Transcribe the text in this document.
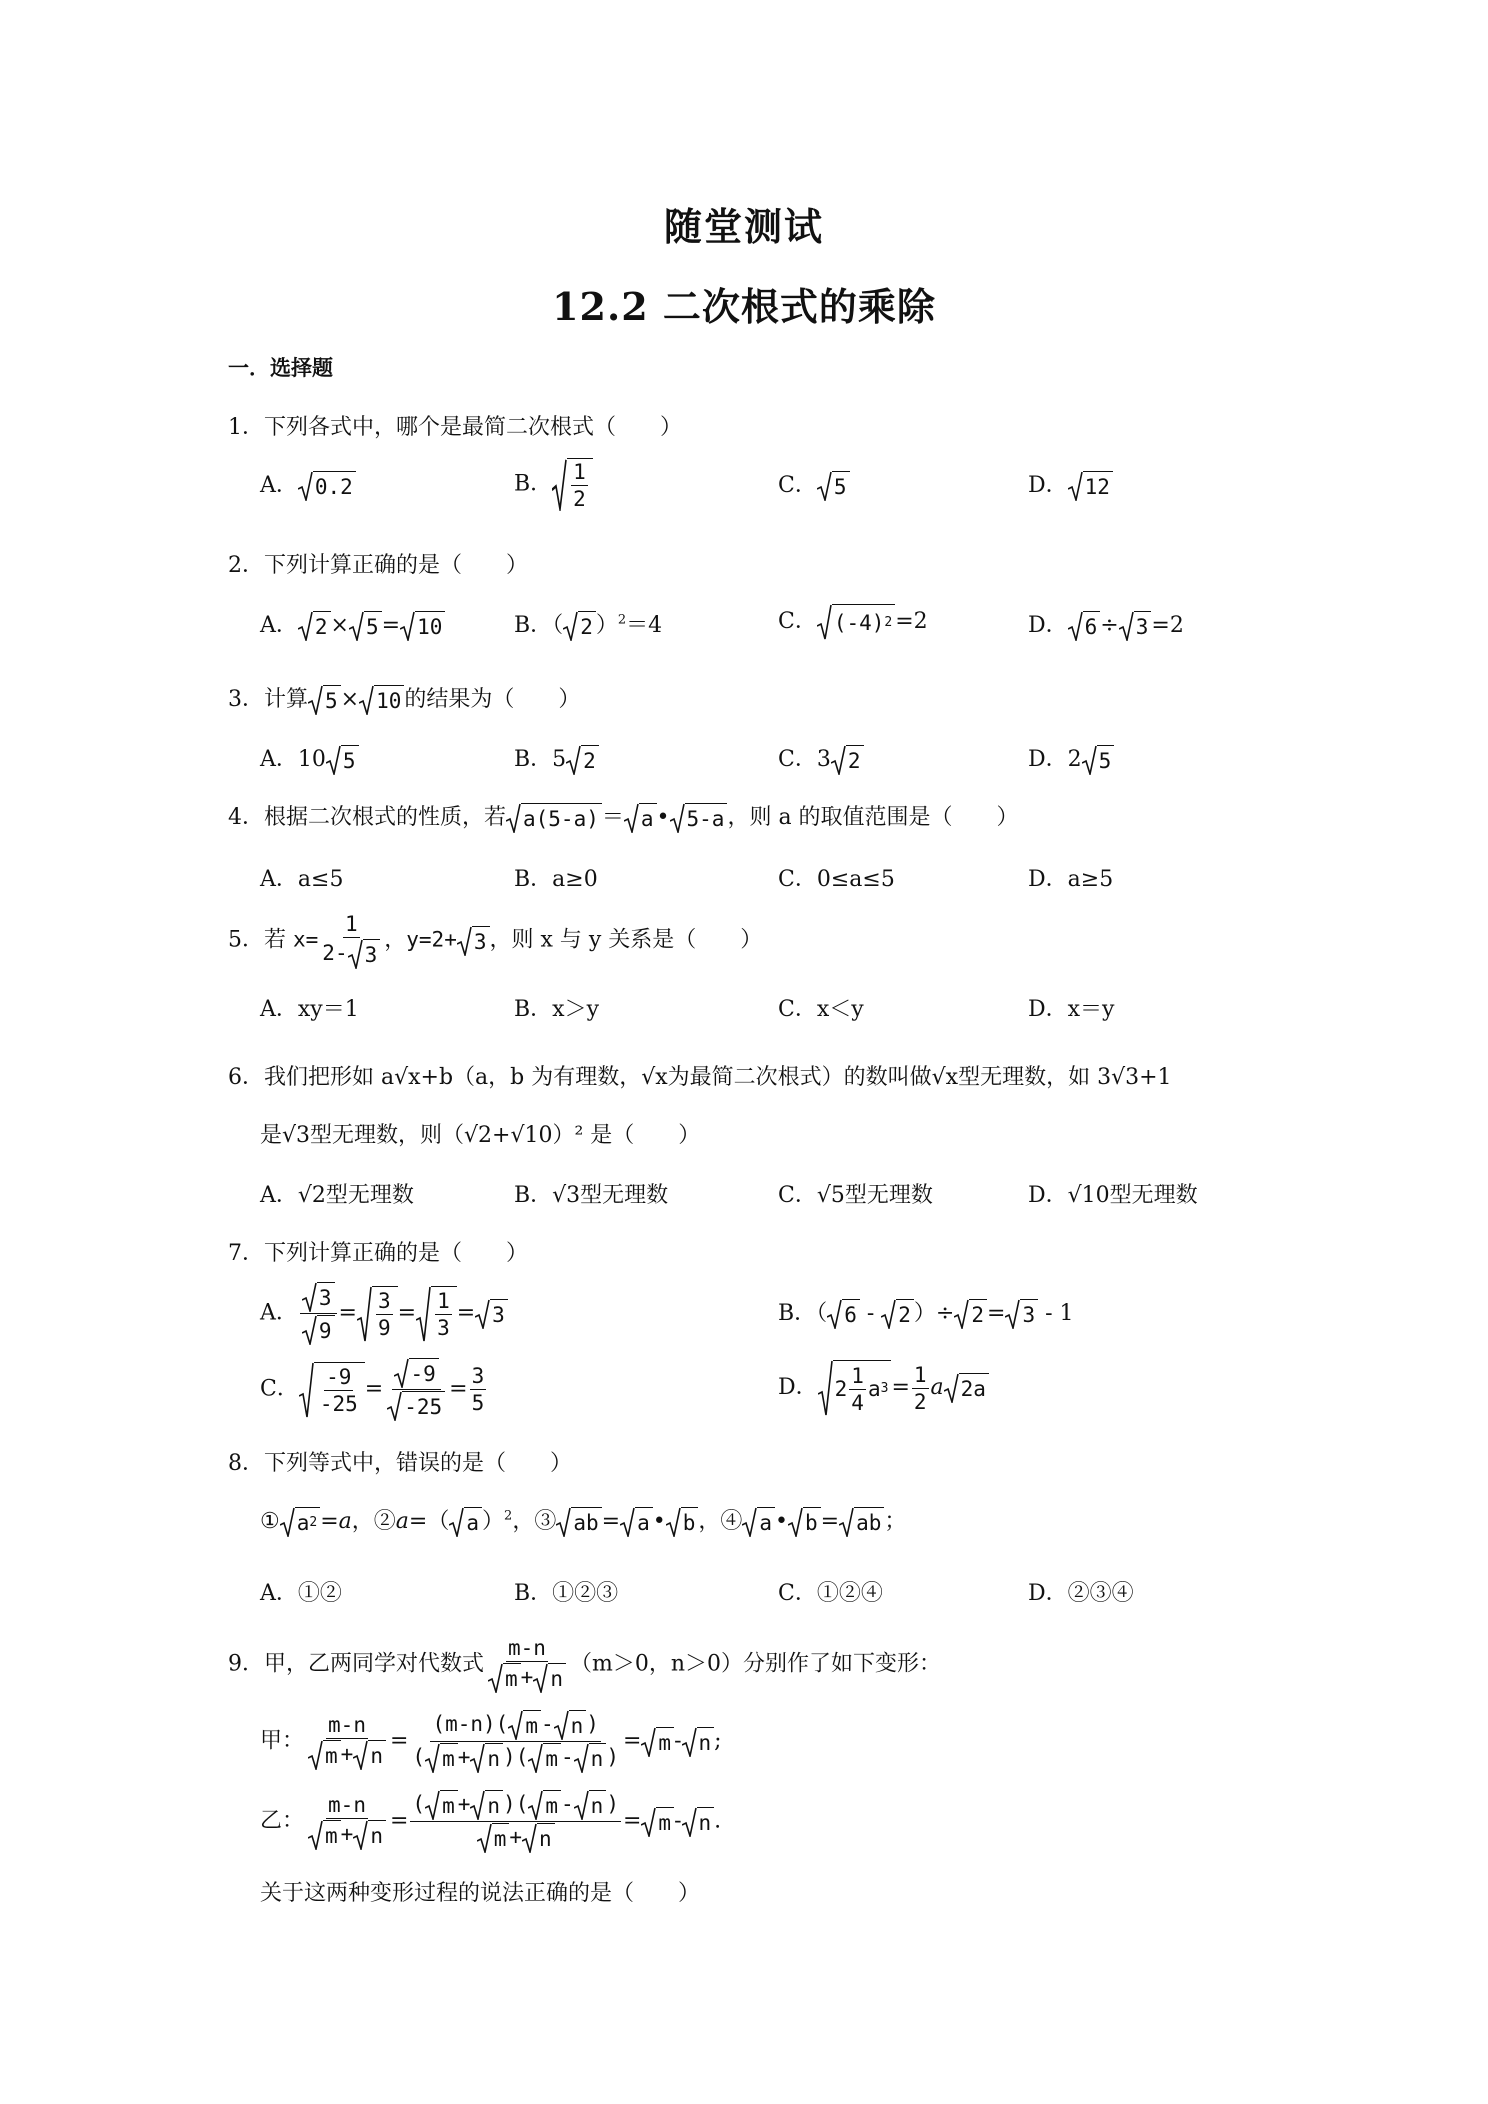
随堂测试
12.2 二次根式的乘除
一．选择题
1．下列各式中，哪个是最简二次根式（　　）
A． 0.2	B． $\frac{1}{2}$	C． 5	D． 12
2．下列计算正确的是（　　）
A． 2 × 5 = 10	B．（ 2 ）$^2$＝4	C． (-4) 2 =2	D． 6 ÷ 3 =2
3．计算 5 × 10 的结果为（　　）
A．10 5	B．5 2	C．3 2	D．2 5
4．根据二次根式的性质，若 a(5-a) ＝ a • 5-a ，则 a 的取值范围是（　　）
A．a≤5	B．a≥0	C．0≤a≤5	D．a≥5
5．若 $x= \frac{1}{2- 3}$ ，y=2+ 3 ，则 x 与 y 关系是（　　）
A．xy＝1	B．x＞y	C．x＜y	D．x＝y
6．我们把形如 a√x+b（a，b 为有理数，√x为最简二次根式）的数叫做√x型无理数，如 3√3+1
是√3型无理数，则（√2+√10）² 是（　　）
A．√2型无理数	B．√3型无理数	C．√5型无理数	D．√10型无理数
7．下列计算正确的是（　　）
A． $\frac{3}{9} = \frac{3}{9} = \frac{1}{3} = 3$	B．（ 6 - 2 ）÷ 2 = 3 - 1
C． $\frac{-9}{-25} = \frac{-9}{-25} = \frac{3}{5}$	D． $2 \frac{1}{4}$ a $3 = \frac{1}{2}$ a 2a
8．下列等式中，错误的是（　　）
① a 2 =a，②a=（ a ）$^2$，③ ab = a • b ，④ a • b = ab ；
A．①②	B．①②③	C．①②④	D．②③④
9．甲，乙两同学对代数式 $\frac{m-n}{m + n} (m>0$，n＞0）分别作了如下变形：
甲： $\frac{m-n}{m + n} = \frac{(m-n)( m - n )}{( m + n )( m - n )} = m - n$ ;
乙： $\frac{m-n}{m + n} = \frac{( m + n )( m - n )}{m + n} = m - n$ .
关于这两种变形过程的说法正确的是（　　）
